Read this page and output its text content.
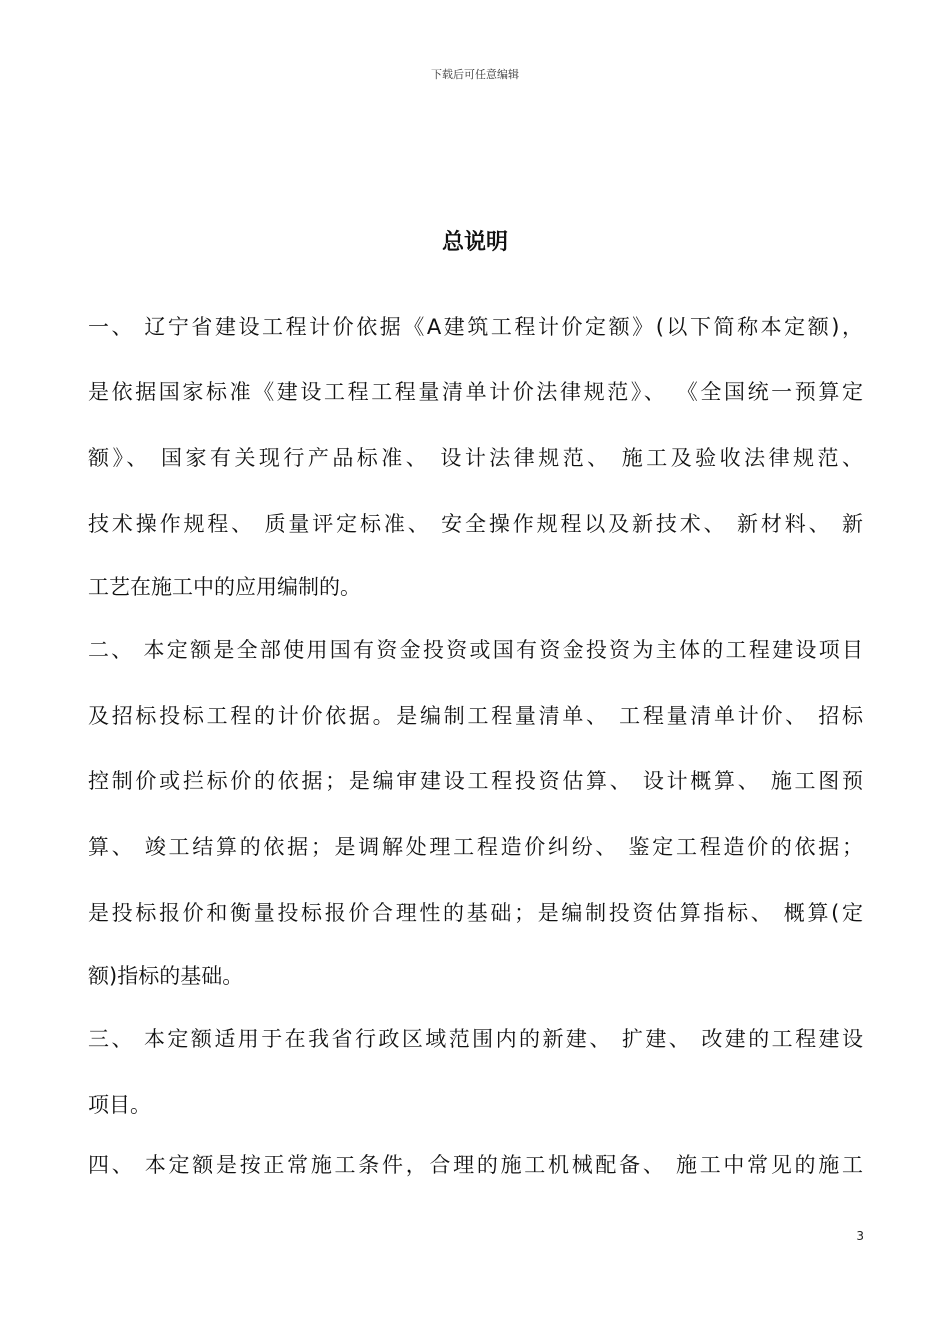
下载后可任意编辑
总说明
一、 辽宁省建设工程计价依据《A建筑工程计价定额》(以下简称本定额)，
是依据国家标准《建设工程工程量清单计价法律规范》、 《全国统一预算定
额》、 国家有关现行产品标准、 设计法律规范、 施工及验收法律规范、
技术操作规程、 质量评定标准、 安全操作规程以及新技术、 新材料、 新
工艺在施工中的应用编制的。
二、 本定额是全部使用国有资金投资或国有资金投资为主体的工程建设项目
及招标投标工程的计价依据。是编制工程量清单、 工程量清单计价、 招标
控制价或拦标价的依据；是编审建设工程投资估算、 设计概算、 施工图预
算、 竣工结算的依据；是调解处理工程造价纠纷、 鉴定工程造价的依据；
是投标报价和衡量投标报价合理性的基础；是编制投资估算指标、 概算(定
额)指标的基础。
三、 本定额适用于在我省行政区域范围内的新建、 扩建、 改建的工程建设
项目。
四、 本定额是按正常施工条件，合理的施工机械配备、 施工中常见的施工
3
